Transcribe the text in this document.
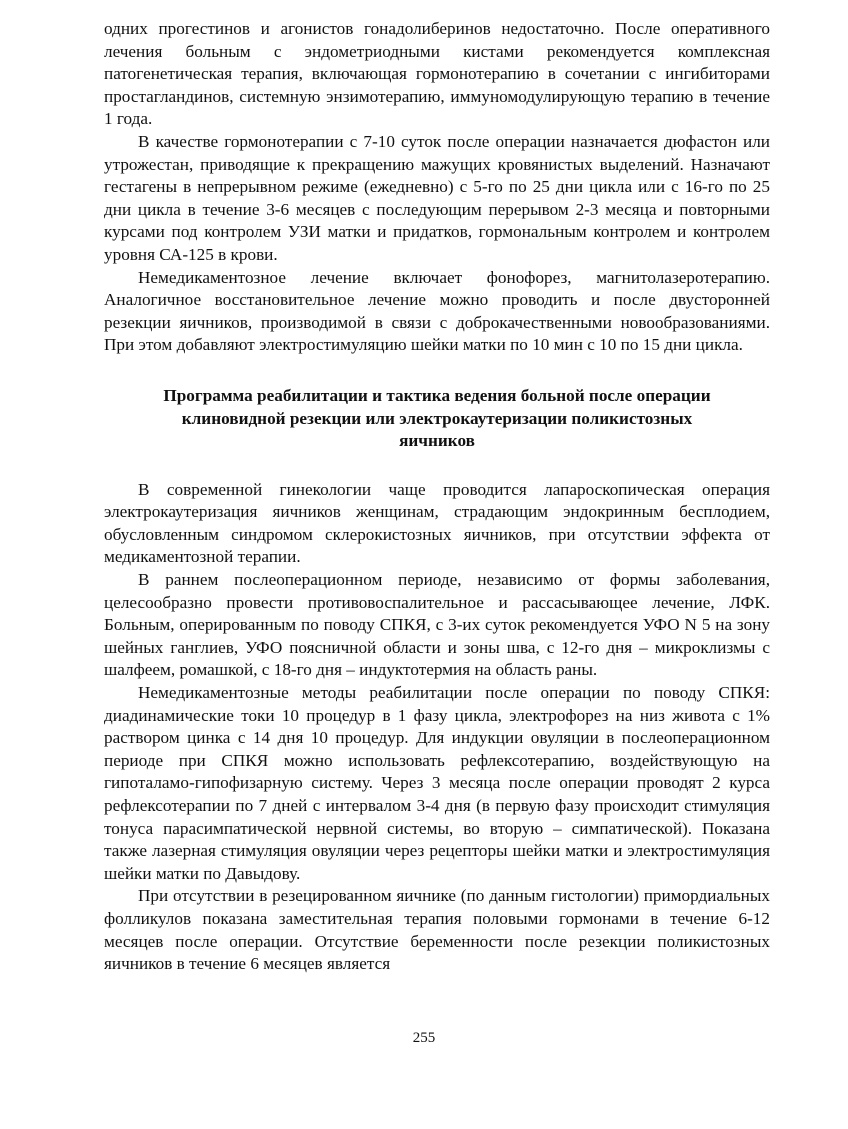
одних прогестинов и агонистов гонадолиберинов недостаточно. После оперативного лечения больным с эндометриодными кистами рекомендуется комплексная патогенетическая терапия, включающая гормонотерапию в сочетании с ингибиторами простагландинов, системную энзимотерапию, иммуномодулирующую терапию в течение 1 года.

В качестве гормонотерапии с 7-10 суток после операции назначается дюфастон или утрожестан, приводящие к прекращению мажущих кровянистых выделений. Назначают гестагены в непрерывном режиме (ежедневно) с 5-го по 25 дни цикла или с 16-го по 25 дни цикла в течение 3-6 месяцев с последующим перерывом 2-3 месяца и повторными курсами под контролем УЗИ матки и придатков, гормональным контролем и контролем уровня СА-125 в крови.

Немедикаментозное лечение включает фонофорез, магнитолазеротерапию. Аналогичное восстановительное лечение можно проводить и после двусторонней резекции яичников, производимой в связи с доброкачественными новообразованиями. При этом добавляют электростимуляцию шейки матки по 10 мин с 10 по 15 дни цикла.

Программа реабилитации и тактика ведения больной после операции
клиновидной резекции или электрокаутеризации поликистозных
яичников

В современной гинекологии чаще проводится лапароскопическая операция электрокаутеризация яичников женщинам, страдающим эндокринным бесплодием, обусловленным синдромом склерокистозных яичников, при отсутствии эффекта от медикаментозной терапии.

В раннем послеоперационном периоде, независимо от формы заболевания, целесообразно провести противовоспалительное и рассасывающее лечение, ЛФК. Больным, оперированным по поводу СПКЯ, с 3-их суток рекомендуется УФО N 5 на зону шейных ганглиев, УФО поясничной области и зоны шва, с 12-го дня – микроклизмы с шалфеем, ромашкой, с 18-го дня – индуктотермия на область раны.

Немедикаментозные методы реабилитации после операции по поводу СПКЯ: диадинамические токи 10 процедур в 1 фазу цикла, электрофорез на низ живота с 1% раствором цинка с 14 дня 10 процедур. Для индукции овуляции в послеоперационном периоде при СПКЯ можно использовать рефлексотерапию, воздействующую на гипоталамо-гипофизарную систему. Через 3 месяца после операции проводят 2 курса рефлексотерапии по 7 дней с интервалом 3-4 дня (в первую фазу происходит стимуляция тонуса парасимпатической нервной системы, во вторую – симпатической). Показана также лазерная стимуляция овуляции через рецепторы шейки матки и электростимуляция шейки матки по Давыдову.

При отсутствии в резецированном яичнике (по данным гистологии) примордиальных фолликулов показана заместительная терапия половыми гормонами в течение 6-12 месяцев после операции. Отсутствие беременности после резекции поликистозных яичников в течение 6 месяцев является

255
